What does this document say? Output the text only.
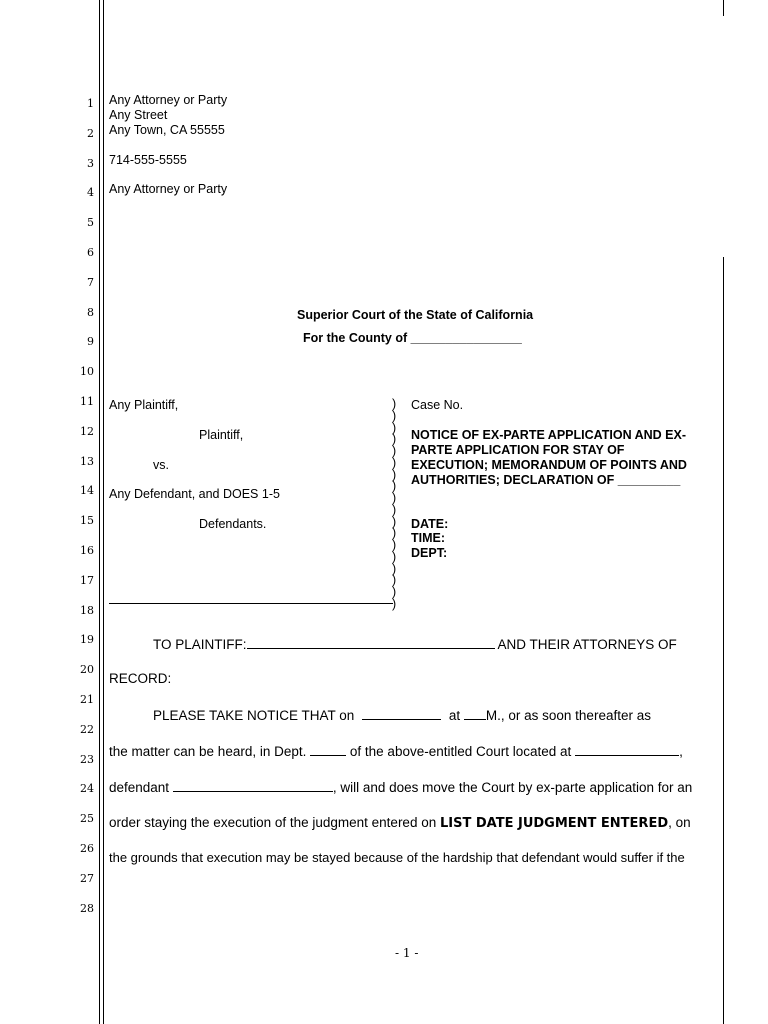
1
2
3
4
5
6
7
8
9
10
11
12
13
14
15
16
17
18
19
20
21
22
23
24
25
26
27
28
Any Attorney or Party
Any Street
Any Town, CA 55555
714-555-5555
Any Attorney or Party
Superior Court of the State of California
For the County of ________________
Any Plaintiff,
Plaintiff,
vs.
Any Defendant, and DOES 1-5
Defendants.
)
)
)
)
)
)
)
)
)
)
)
)
)
)
)
)
)
)
Case No.
NOTICE OF EX-PARTE APPLICATION AND EX-
PARTE APPLICATION FOR STAY OF
EXECUTION; MEMORANDUM OF POINTS AND
AUTHORITIES; DECLARATION OF _________
DATE:
TIME:
DEPT:
TO PLAINTIFF:	AND THEIR ATTORNEYS OF
RECORD:
PLEASE TAKE NOTICE THAT on	at M., or as soon thereafter as
the matter can be heard, in Dept.	of the above-entitled Court located at	,
defendant	, will and does move the Court by ex-parte application for an
order staying the execution of the judgment entered on LIST DATE JUDGMENT ENTERED, on
the grounds that execution may be stayed because of the hardship that defendant would suffer if the
- 1 -
